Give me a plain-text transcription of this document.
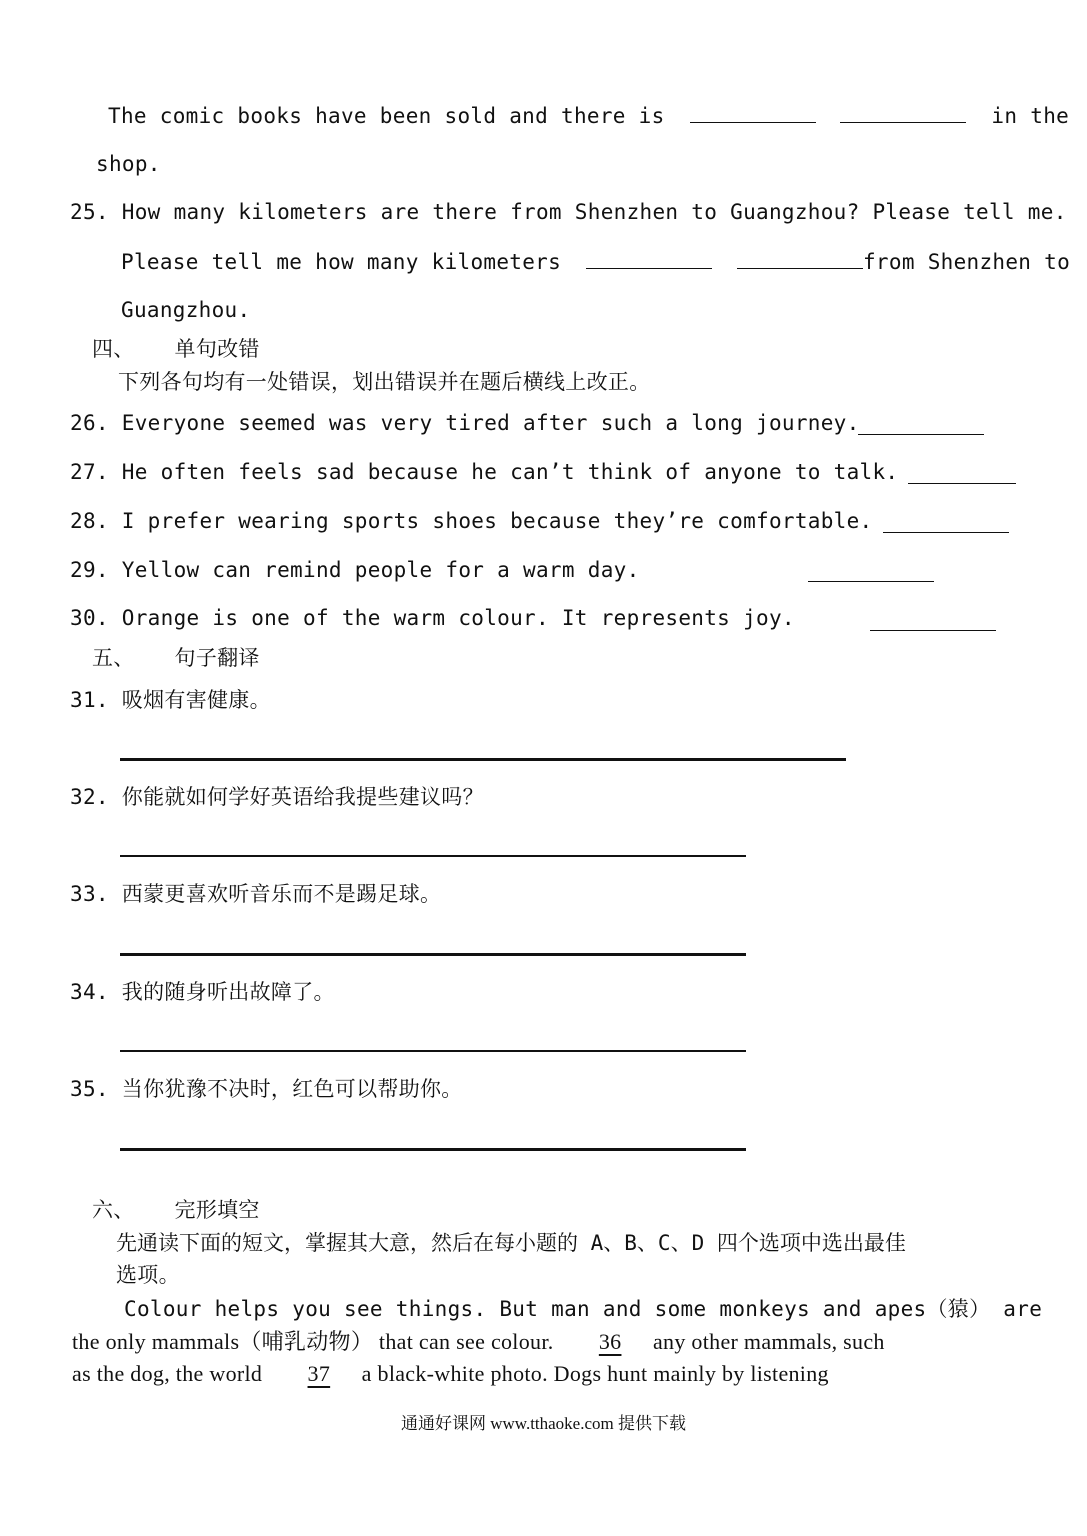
The comic books have been sold and there is	in the
shop.
25. How many kilometers are there from Shenzhen to Guangzhou? Please tell me.
Please tell me how many kilometers	from Shenzhen to
Guangzhou.
四、 单句改错
下列各句均有一处错误，划出错误并在题后横线上改正。
26. Everyone seemed was very tired after such a long journey.
27. He often feels sad because he can’t think of anyone to talk.
28. I prefer wearing sports shoes because they’re comfortable.
29. Yellow can remind people for a warm day.
30. Orange is one of the warm colour. It represents joy.
五、 句子翻译
31. 吸烟有害健康。
32. 你能就如何学好英语给我提些建议吗？
33. 西蒙更喜欢听音乐而不是踢足球。
34. 我的随身听出故障了。
35. 当你犹豫不决时，红色可以帮助你。
六、 完形填空
先通读下面的短文，掌握其大意，然后在每小题的 A、B、C、D 四个选项中选出最佳
选项。
Colour helps you see things. But man and some monkeys and apes（猿） are
the only mammals（哺乳动物） that can see colour. 36 any other mammals, such
as the dog, the world 37 a black-white photo. Dogs hunt mainly by listening
通通好课网 www.tthaoke.com 提供下载
